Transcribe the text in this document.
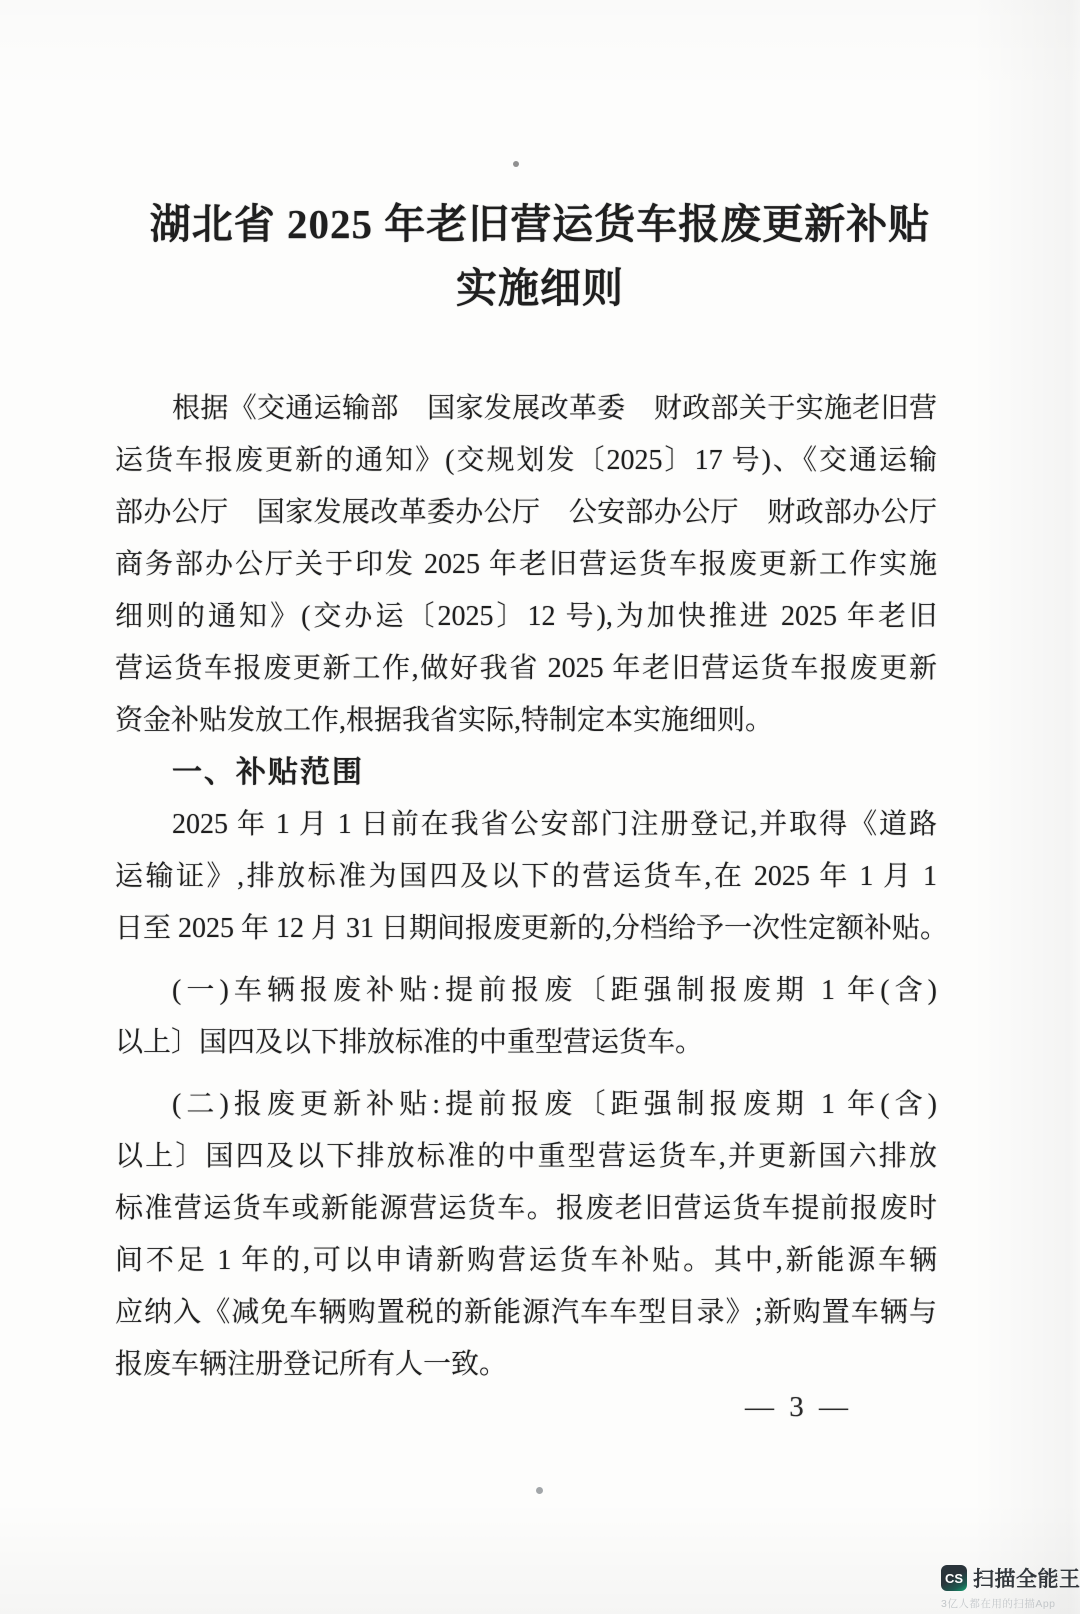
湖北省 2025 年老旧营运货车报废更新补贴
实施细则
根据《交通运输部　国家发展改革委　财政部关于实施老旧营
运货车报废更新的通知》(交规划发〔2025〕17 号)、《交通运输
部办公厅　国家发展改革委办公厅　公安部办公厅　财政部办公厅
商务部办公厅关于印发 2025 年老旧营运货车报废更新工作实施
细则的通知》(交办运〔2025〕12 号),为加快推进 2025 年老旧
营运货车报废更新工作,做好我省 2025 年老旧营运货车报废更新
资金补贴发放工作,根据我省实际,特制定本实施细则。
一、补贴范围
2025 年 1 月 1 日前在我省公安部门注册登记,并取得《道路
运输证》,排放标准为国四及以下的营运货车,在 2025 年 1 月 1
日至 2025 年 12 月 31 日期间报废更新的,分档给予一次性定额补贴。
(一)车辆报废补贴:提前报废〔距强制报废期 1 年(含)
以上〕国四及以下排放标准的中重型营运货车。
(二)报废更新补贴:提前报废〔距强制报废期 1 年(含)
以上〕国四及以下排放标准的中重型营运货车,并更新国六排放
标准营运货车或新能源营运货车。报废老旧营运货车提前报废时
间不足 1 年的,可以申请新购营运货车补贴。其中,新能源车辆
应纳入《减免车辆购置税的新能源汽车车型目录》;新购置车辆与
报废车辆注册登记所有人一致。
— 3 —
CS 扫描全能王
3亿人都在用的扫描App
